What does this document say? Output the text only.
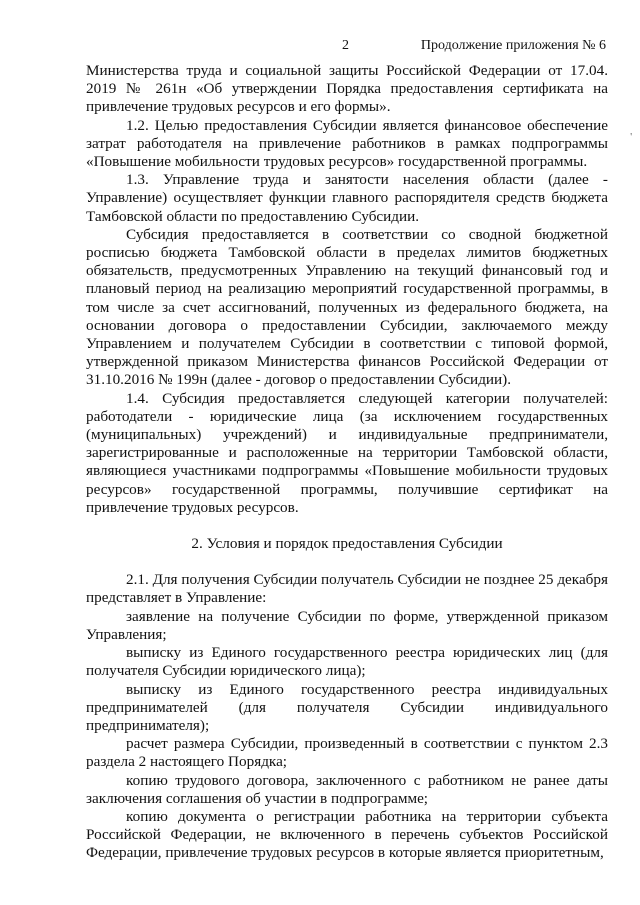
2	Продолжение приложения № 6
'

Министерства труда и социальной защиты Российской Федерации от 17.04. 2019 № 261н «Об утверждении Порядка предоставления сертификата на привлечение трудовых ресурсов и его формы».

1.2. Целью предоставления Субсидии является финансовое обеспечение затрат работодателя на привлечение работников в рамках подпрограммы «Повышение мобильности трудовых ресурсов» государственной программы.

1.3. Управление труда и занятости населения области (далее - Управление) осуществляет функции главного распорядителя средств бюджета Тамбовской области по предоставлению Субсидии.

Субсидия предоставляется в соответствии со сводной бюджетной росписью бюджета Тамбовской области в пределах лимитов бюджетных обязательств, предусмотренных Управлению на текущий финансовый год и плановый период на реализацию мероприятий государственной программы, в том числе за счет ассигнований, полученных из федерального бюджета, на основании договора о предоставлении Субсидии, заключаемого между Управлением и получателем Субсидии в соответствии с типовой формой, утвержденной приказом Министерства финансов Российской Федерации от 31.10.2016 № 199н (далее - договор о предоставлении Субсидии).

1.4. Субсидия предоставляется следующей категории получателей: работодатели - юридические лица (за исключением государственных (муниципальных) учреждений) и индивидуальные предприниматели, зарегистрированные и расположенные на территории Тамбовской области, являющиеся участниками подпрограммы «Повышение мобильности трудовых ресурсов» государственной программы, получившие сертификат на привлечение трудовых ресурсов.

2. Условия и порядок предоставления Субсидии

2.1. Для получения Субсидии получатель Субсидии не позднее 25 декабря представляет в Управление:

заявление на получение Субсидии по форме, утвержденной приказом Управления;

выписку из Единого государственного реестра юридических лиц (для получателя Субсидии юридического лица);

выписку из Единого государственного реестра индивидуальных предпринимателей (для получателя Субсидии индивидуального предпринимателя);

расчет размера Субсидии, произведенный в соответствии с пунктом 2.3 раздела 2 настоящего Порядка;

копию трудового договора, заключенного с работником не ранее даты заключения соглашения об участии в подпрограмме;

копию документа о регистрации работника на территории субъекта Российской Федерации, не включенного в перечень субъектов Российской Федерации, привлечение трудовых ресурсов в которые является приоритетным,
